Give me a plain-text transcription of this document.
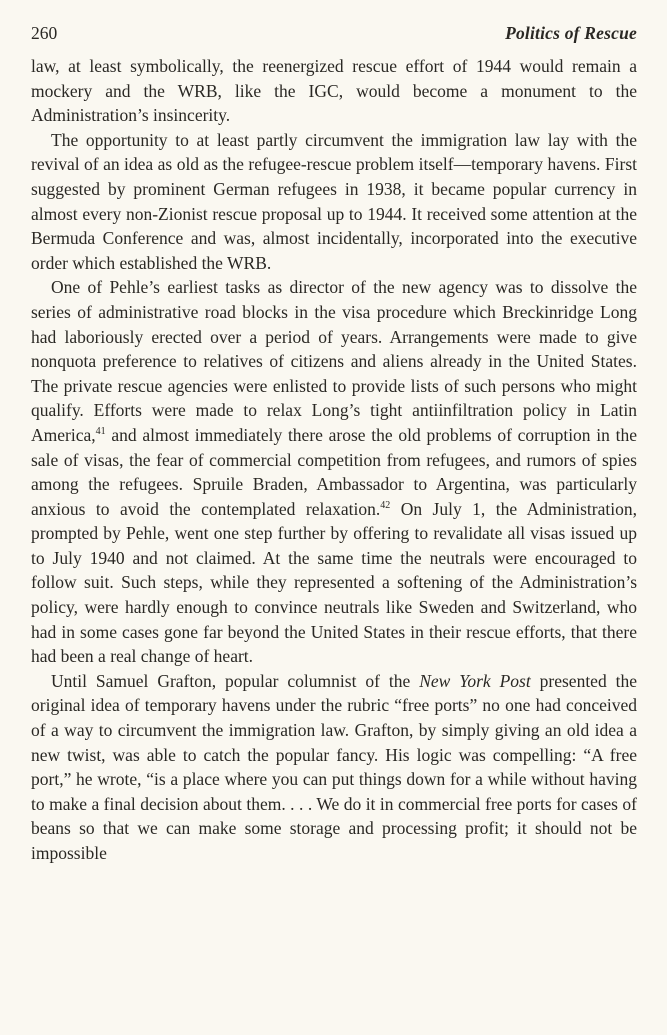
260	Politics of Rescue

law, at least symbolically, the reenergized rescue effort of 1944 would remain a mockery and the WRB, like the IGC, would become a monument to the Administration’s insincerity.

The opportunity to at least partly circumvent the immigration law lay with the revival of an idea as old as the refugee-rescue problem itself—temporary havens. First suggested by prominent German refugees in 1938, it became popular currency in almost every non-Zionist rescue proposal up to 1944. It received some attention at the Bermuda Conference and was, almost incidentally, incorporated into the executive order which established the WRB.

One of Pehle’s earliest tasks as director of the new agency was to dissolve the series of administrative road blocks in the visa procedure which Breckinridge Long had laboriously erected over a period of years. Arrangements were made to give nonquota preference to relatives of citizens and aliens already in the United States. The private rescue agencies were enlisted to provide lists of such persons who might qualify. Efforts were made to relax Long’s tight antiinfiltration policy in Latin America,$^{41}$ and almost immediately there arose the old problems of corruption in the sale of visas, the fear of commercial competition from refugees, and rumors of spies among the refugees. Spruile Braden, Ambassador to Argentina, was particularly anxious to avoid the contemplated relaxation.$^{42}$ On July 1, the Administration, prompted by Pehle, went one step further by offering to revalidate all visas issued up to July 1940 and not claimed. At the same time the neutrals were encouraged to follow suit. Such steps, while they represented a softening of the Administration’s policy, were hardly enough to convince neutrals like Sweden and Switzerland, who had in some cases gone far beyond the United States in their rescue efforts, that there had been a real change of heart.

Until Samuel Grafton, popular columnist of the New York Post presented the original idea of temporary havens under the rubric “free ports” no one had conceived of a way to circumvent the immigration law. Grafton, by simply giving an old idea a new twist, was able to catch the popular fancy. His logic was compelling: “A free port,” he wrote, “is a place where you can put things down for a while without having to make a final decision about them. . . . We do it in commercial free ports for cases of beans so that we can make some storage and processing profit; it should not be impossible
